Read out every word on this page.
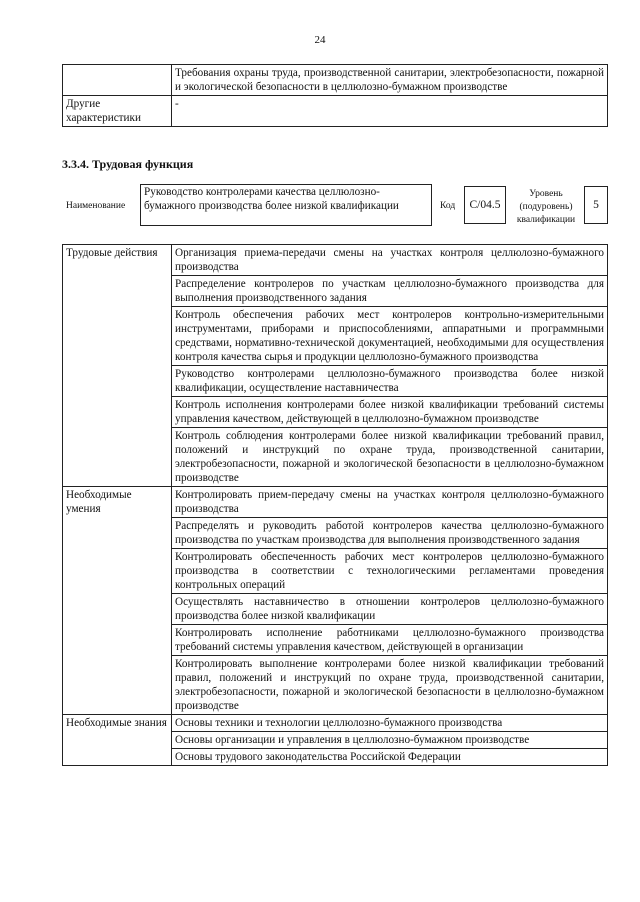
24
	Требования охраны труда, производственной санитарии, электробезопасности, пожарной и экологической безопасности в целлюлозно-бумажном производстве
Другие характеристики	-
3.3.4. Трудовая функция
Наименование
Руководство контролерами качества целлюлозно-бумажного производства более низкой квалификации	Код	C/04.5
Уровень (подуровень) квалификации
5
Трудовые действия	Организация приема-передачи смены на участках контроля целлюлозно-бумажного производства
	Распределение контролеров по участкам целлюлозно-бумажного производства для выполнения производственного задания
	Контроль обеспечения рабочих мест контролеров контрольно-измерительными инструментами, приборами и приспособлениями, аппаратными и программными средствами, нормативно-технической документацией, необходимыми для осуществления контроля качества сырья и продукции целлюлозно-бумажного производства
	Руководство контролерами целлюлозно-бумажного производства более низкой квалификации, осуществление наставничества
	Контроль исполнения контролерами более низкой квалификации требований системы управления качеством, действующей в целлюлозно-бумажном производстве
	Контроль соблюдения контролерами более низкой квалификации требований правил, положений и инструкций по охране труда, производственной санитарии, электробезопасности, пожарной и экологической безопасности в целлюлозно-бумажном производстве
Необходимые умения	Контролировать прием-передачу смены на участках контроля целлюлозно-бумажного производства
	Распределять и руководить работой контролеров качества целлюлозно-бумажного производства по участкам производства для выполнения производственного задания
	Контролировать обеспеченность рабочих мест контролеров целлюлозно-бумажного производства в соответствии с технологическими регламентами проведения контрольных операций
	Осуществлять наставничество в отношении контролеров целлюлозно-бумажного производства более низкой квалификации
	Контролировать исполнение работниками целлюлозно-бумажного производства требований системы управления качеством, действующей в организации
	Контролировать выполнение контролерами более низкой квалификации требований правил, положений и инструкций по охране труда, производственной санитарии, электробезопасности, пожарной и экологической безопасности в целлюлозно-бумажном производстве
Необходимые знания	Основы техники и технологии целлюлозно-бумажного производства
	Основы организации и управления в целлюлозно-бумажном производстве
	Основы трудового законодательства Российской Федерации
